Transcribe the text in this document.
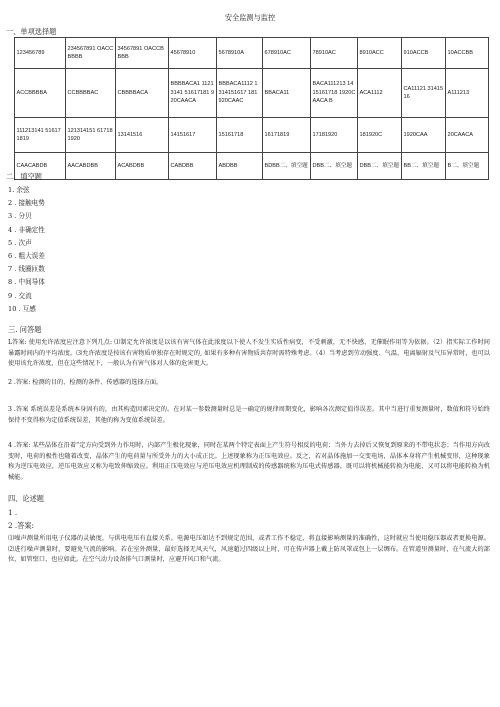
安全监测与监控
一、单项选择题
123456789	234567891 OACCBBBB	34567891 OACCBBBB	45678910	5678910A	678910AC	78910AC	8910ACC	910ACCB	10ACCBB
ACCBBBBA	CCBBBBAC	CBBBBACA	BBBBACA1 11213141 51617181 920CAACA	BBBACA1112 1314151617 181 920CAAC	BBACA11	BACA111213 1415161718 1920CAACA B	ACA1112	CA11121 3141516	A111213
111213141 516171819	121314151 617181920	13141516	14151617	15161718	16171819	17181920	181920C	1920CAA	20CAACA
CAACABDB	AACABDBB	ACABDBB	CABDBB	ABDBB	BDBB二、填空题	DBB二、填空题	DBB二、填空题	BB二、填空题	B二、填空题
二、填空题
1. 余弦
2 . 接触电势
3 . 分贝
4 . 非确定性
5 . 次声
6 . 粗大误差
7 . 线圈匝数
8 . 中间导体
9 . 交流
10 . 互感
三. 问答题

L答案: 使用允许浓度应注意下列几点: ⑴制定允许浓度是以该有害气体在此浓度以下使人不发生实质性病变，不受刺激，无不快感，无催眠作用等为依据。（2）指实际工作时间暴露时间内的平均浓度。⑶允许浓度是按该有害物质单独存在时规定的, 如果有多种有害物质共存时需特殊考虑。（4）当考虑到劳动强度、气温、电离辐射及气压异常时，也可以使用该允许浓度，但在这些情况下，一般认为有害气体对人体的危害更大。

2 .答案: 检测的目的、检测的条件、传感器的选择方面。

3 .答案 系统误差是系统本身固有的，由其构造因素决定的。在对某一参数测量时总是一确定的规律周期变化，影响各次测定值得误差。其中当进行重复测量时，数值和符号始终保持不变得称为定值系统误差，其他的称为变值系统误差。

4 .答案: 某些晶体在沿着“定方向受到外力作用时，内部产生极化现象，同时在某两个特定表面上产生符号相反的电荷；当外力去掉后又恢复到原来的不带电状态；当作用方向改变时，电荷的极性也随着改变，晶体产生的电荷量与所受外力的大小成正比。上述现象称为正压电效应。反之，若对晶体施加一交变电场，晶体本身将产生机械变形，这种现象称为逆压电效应，逆压电效应又称为电致伸缩效应。利用正压电效应与逆压电效应机理制成的传感器统称为压电式传感器，既可以将机械能转换为电能，又可以将电能转换为机械能。

四、论述题
1 .
2 .答案:

⑴噪声测量所用电子仪器的灵敏度，与供电电压有直接关系。电源电压如达不到规定范围，或者工作不稳定，将直接影响测量的准确性，这时就应当使用稳压器或者更换电源。⑵进行噪声测量时，要避免气流的影响。若在室外测量，最好选择无风天气，风速超过四级以上时，可在传声器上戴上防风罩或包上一层绸布。在管道里测量时，在气流大的部位，如管壁口，也应如此。在空气动力设备排气口测量时，应避开风口和气流。
